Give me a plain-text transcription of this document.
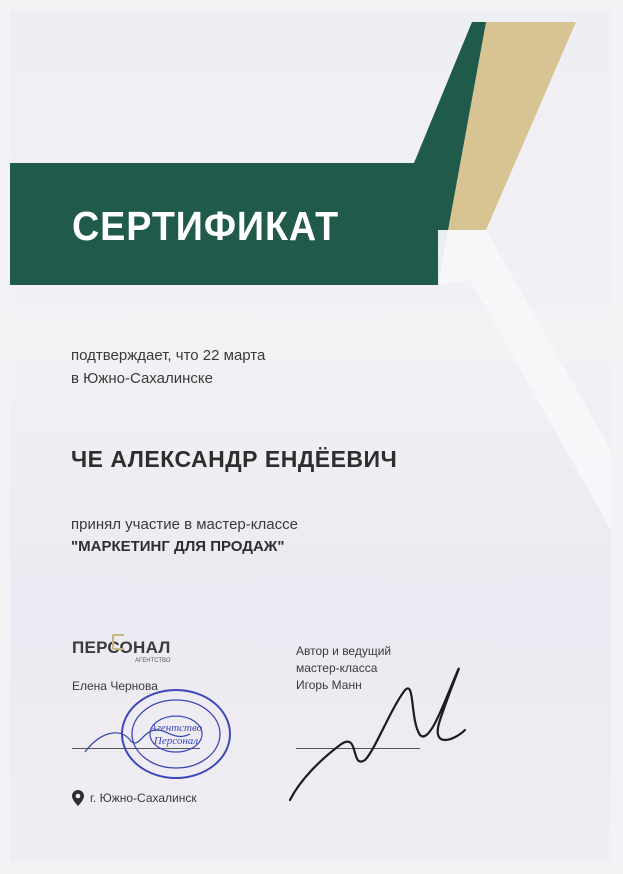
СЕРТИФИКАТ
подтверждает, что 22 марта
в Южно-Сахалинске
ЧЕ АЛЕКСАНДР ЕНДЁЕВИЧ
принял участие в мастер-классе
"МАРКЕТИНГ ДЛЯ ПРОДАЖ"
ПЕРСОНАЛ
АГЕНТСТВО
Елена Чернова
Автор и ведущий
мастер-класса
Игорь Манн
Агентство
Персонал
г. Южно-Сахалинск
